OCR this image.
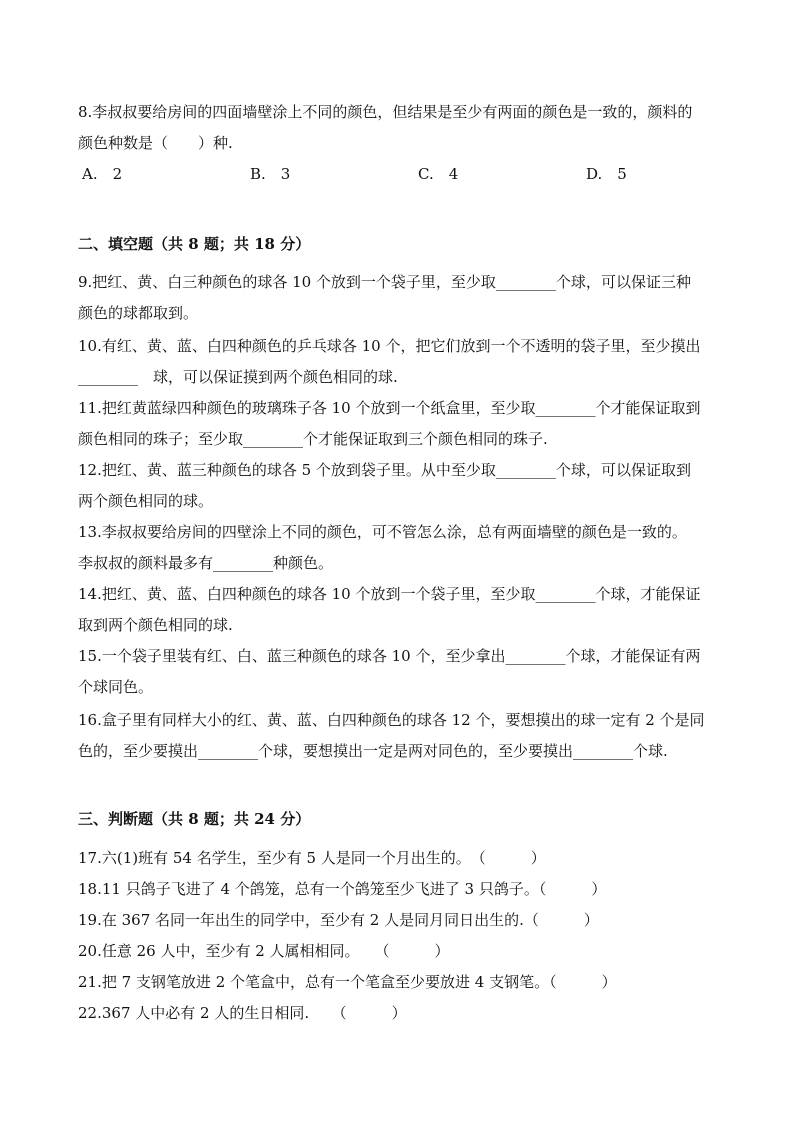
8.李叔叔要给房间的四面墙壁涂上不同的颜色，但结果是至少有两面的颜色是一致的，颜料的
颜色种数是（　　）种.
A.　2	B.　3	C.　4	D.　5
二、填空题（共 8 题；共 18 分）
9.把红、黄、白三种颜色的球各 10 个放到一个袋子里，至少取________个球，可以保证三种
颜色的球都取到。
10.有红、黄、蓝、白四种颜色的乒乓球各 10 个，把它们放到一个不透明的袋子里，至少摸出
________　球，可以保证摸到两个颜色相同的球.
11.把红黄蓝绿四种颜色的玻璃珠子各 10 个放到一个纸盒里，至少取________个才能保证取到
颜色相同的珠子；至少取________个才能保证取到三个颜色相同的珠子.
12.把红、黄、蓝三种颜色的球各 5 个放到袋子里。从中至少取________个球，可以保证取到
两个颜色相同的球。
13.李叔叔要给房间的四壁涂上不同的颜色，可不管怎么涂，总有两面墙壁的颜色是一致的。
李叔叔的颜料最多有________种颜色。
14.把红、黄、蓝、白四种颜色的球各 10 个放到一个袋子里，至少取________个球，才能保证
取到两个颜色相同的球.
15.一个袋子里装有红、白、蓝三种颜色的球各 10 个，至少拿出________个球，才能保证有两
个球同色。
16.盒子里有同样大小的红、黄、蓝、白四种颜色的球各 12 个，要想摸出的球一定有 2 个是同
色的，至少要摸出________个球，要想摸出一定是两对同色的，至少要摸出________个球.
三、判断题（共 8 题；共 24 分）
17.六(1)班有 54 名学生，至少有 5 人是同一个月出生的。　（　　　）
18.11 只鸽子飞进了 4 个鸽笼，总有一个鸽笼至少飞进了 3 只鸽子。（　　　）
19.在 367 名同一年出生的同学中，至少有 2 人是同月同日出生的.（　　　）
20.任意 26 人中，至少有 2 人属相相同。　　（　　　）
21.把 7 支钢笔放进 2 个笔盒中，总有一个笔盒至少要放进 4 支钢笔。（　　　）
22.367 人中必有 2 人的生日相同.　　（　　　）
